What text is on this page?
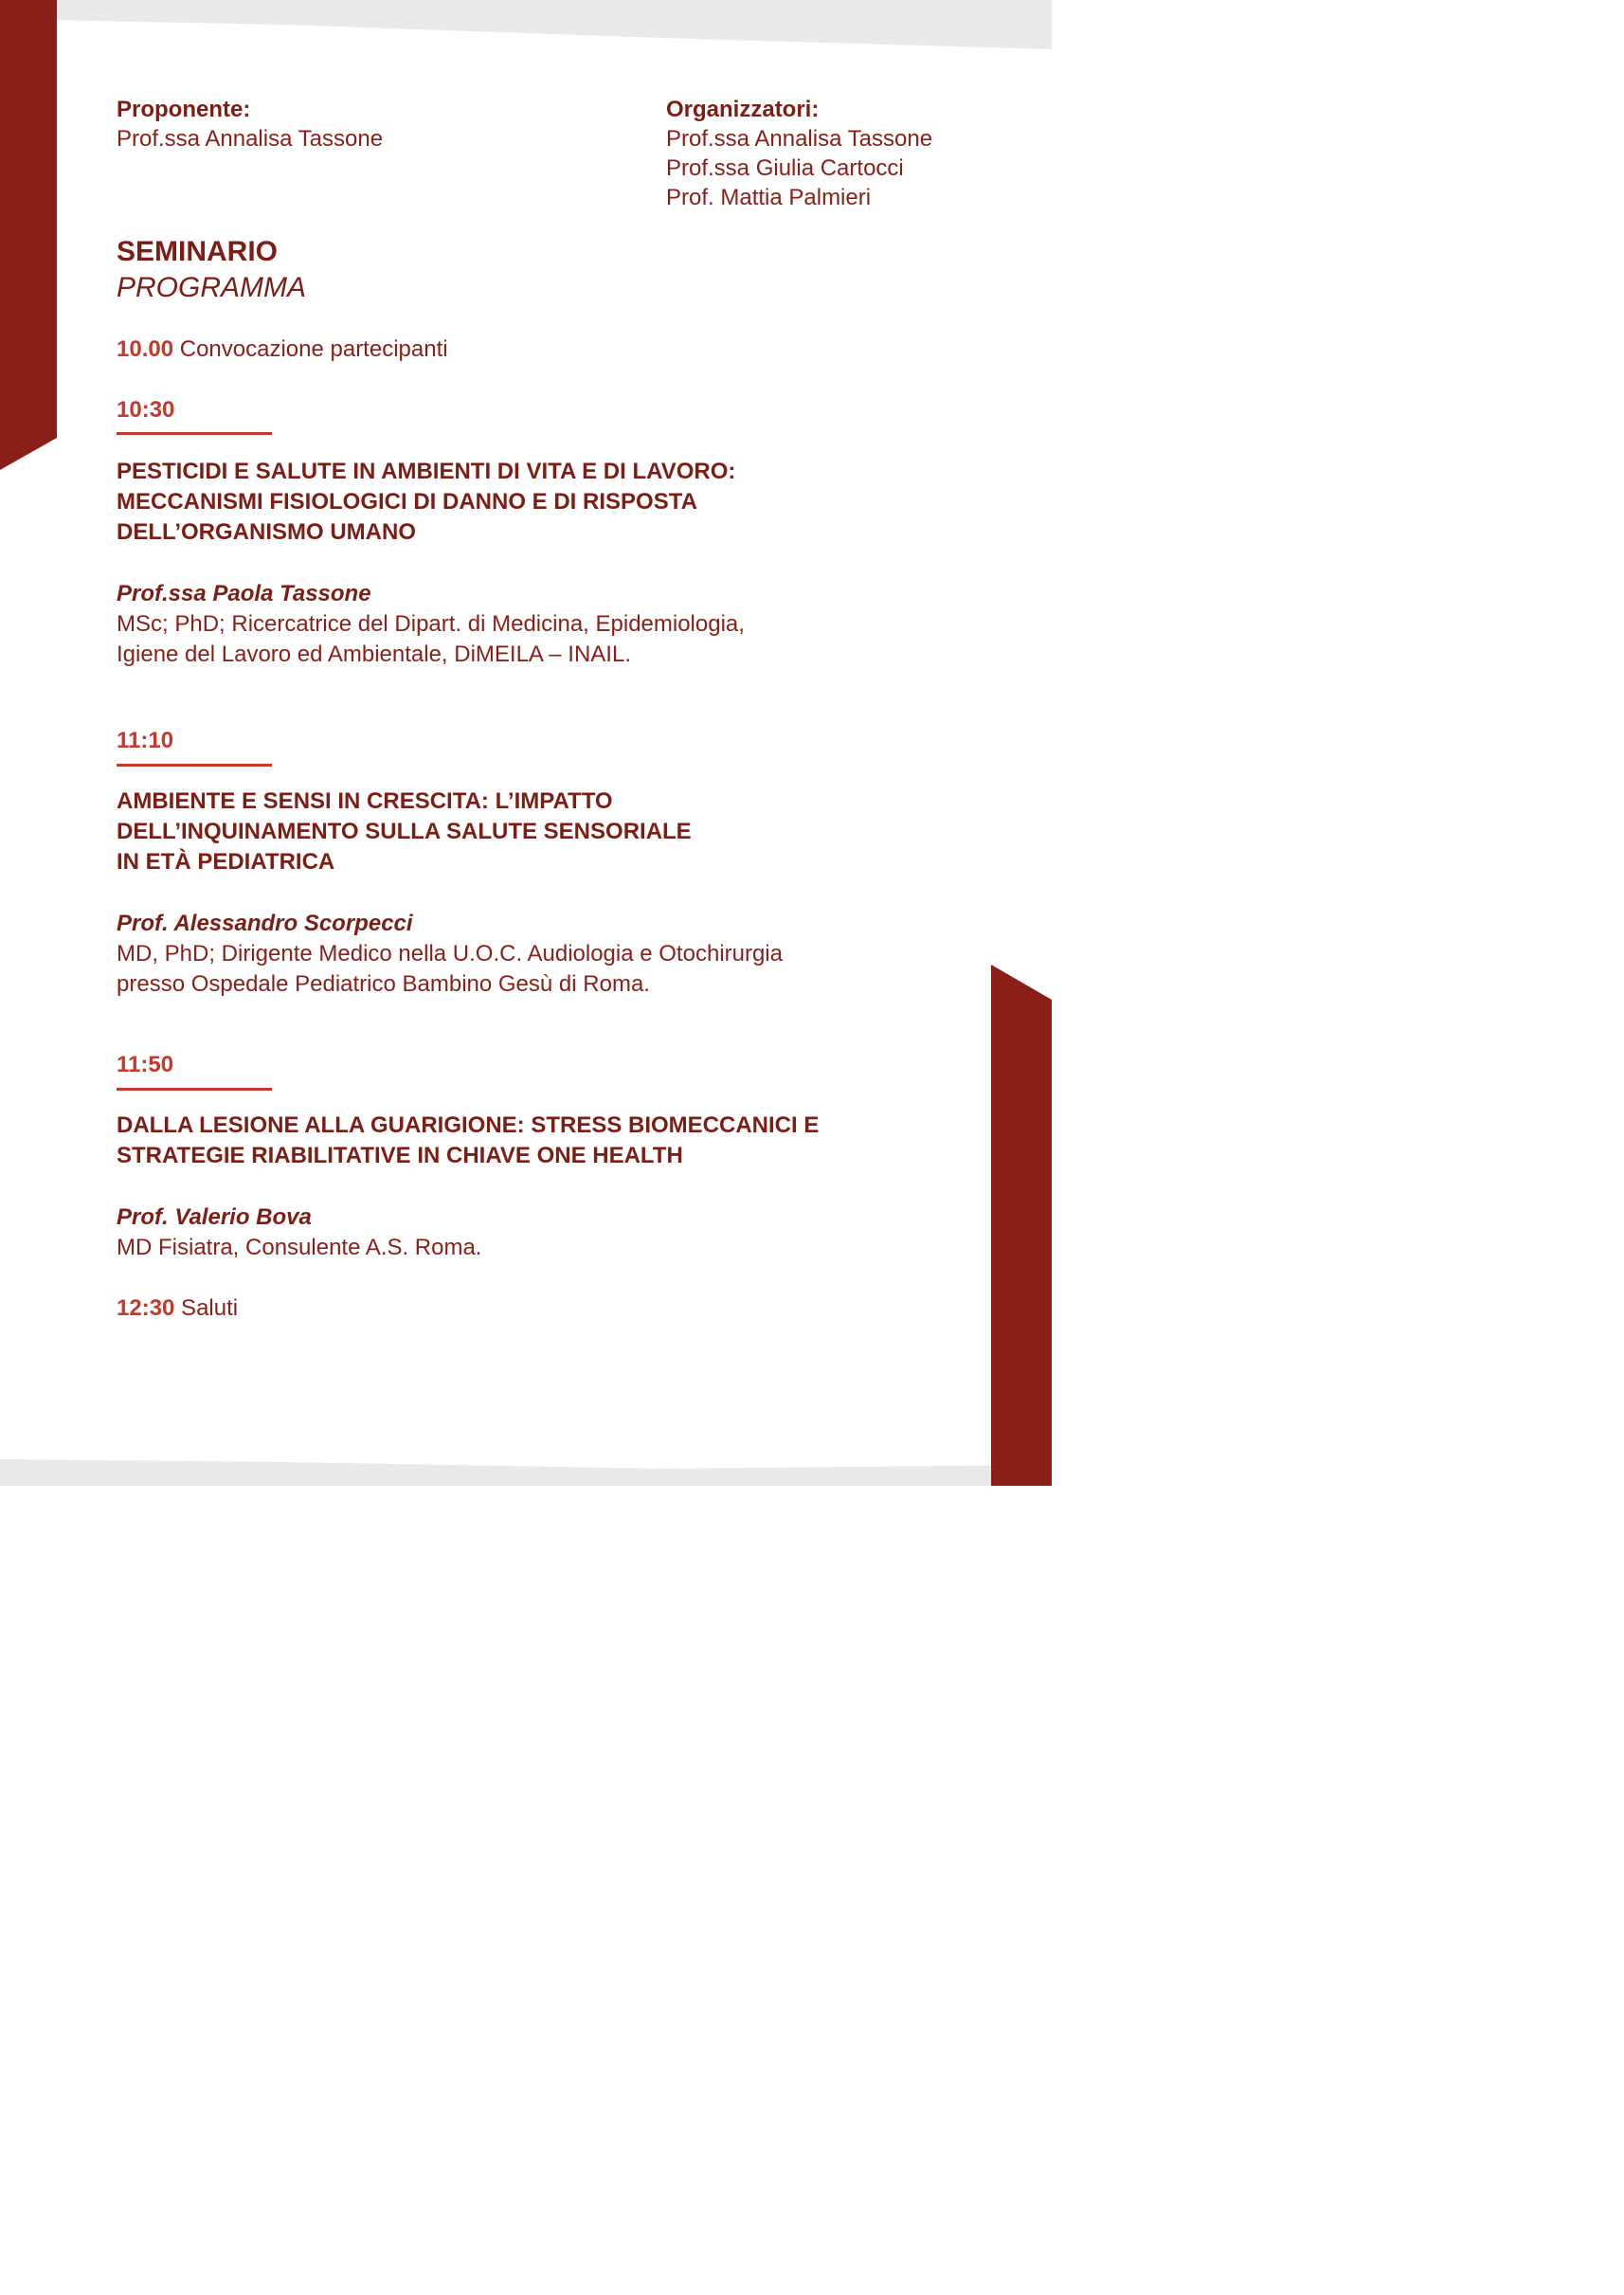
Proponente:
Prof.ssa Annalisa Tassone
Organizzatori:
Prof.ssa Annalisa Tassone
Prof.ssa Giulia Cartocci
Prof. Mattia Palmieri
SEMINARIO
PROGRAMMA
10.00 Convocazione partecipanti
10:30
PESTICIDI E SALUTE IN AMBIENTI DI VITA E DI LAVORO:
MECCANISMI FISIOLOGICI DI DANNO E DI RISPOSTA
DELL’ORGANISMO UMANO
Prof.ssa Paola Tassone
MSc; PhD; Ricercatrice del Dipart. di Medicina, Epidemiologia,
Igiene del Lavoro ed Ambientale, DiMEILA – INAIL.
11:10
AMBIENTE E SENSI IN CRESCITA: L’IMPATTO
DELL’INQUINAMENTO SULLA SALUTE SENSORIALE
IN ETÀ PEDIATRICA
Prof. Alessandro Scorpecci
MD, PhD; Dirigente Medico nella U.O.C. Audiologia e Otochirurgia
presso Ospedale Pediatrico Bambino Gesù di Roma.
11:50
DALLA LESIONE ALLA GUARIGIONE: STRESS BIOMECCANICI E
STRATEGIE RIABILITATIVE IN CHIAVE ONE HEALTH
Prof. Valerio Bova
MD Fisiatra, Consulente A.S. Roma.
12:30 Saluti
